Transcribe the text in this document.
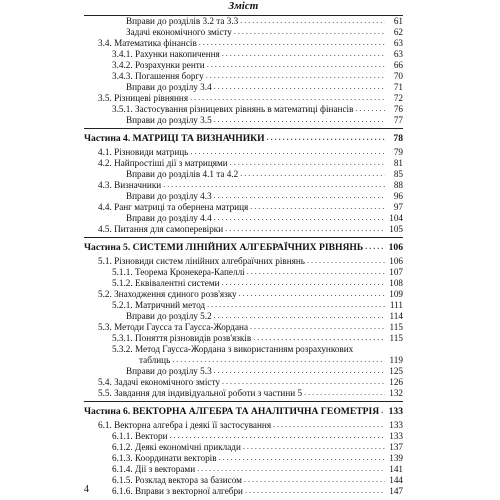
Зміст
Вправи до розділів 3.2 та 3.3 . . .	61
Задачі економічного змісту . . .	62
3.4. Математика фінансів . . .	63
3.4.1. Рахунки накопичення . . .	63
3.4.2. Розрахунки ренти . . .	66
3.4.3. Погашення боргу . . .	70
Вправи до розділу 3.4 . . .	71
3.5. Різницеві рівняння . . .	72
3.5.1. Застосування різницевих рівнянь в математиці фінансів . . .	76
Вправи до розділу 3.5 . . .	77
Частина 4. МАТРИЦІ ТА ВИЗНАЧНИКИ . . .	78
4.1. Різновиди матриць . . .	79
4.2. Найпростіші дії з матрицями . . .	81
Вправи до розділів 4.1 та 4.2 . . .	85
4.3. Визначники . . .	88
Вправи до розділу 4.3 . . .	96
4.4. Ранг матриці та обернена матриця . . .	97
Вправи до розділу 4.4 . . .	104
4.5. Питання для самоперевірки . . .	105
Частина 5. СИСТЕМИ ЛІНІЙНИХ АЛГЕБРАЇЧНИХ РІВНЯНЬ . . .	106
5.1. Різновиди систем лінійних алгебраїчних рівнянь . . .	106
5.1.1. Теорема Кронекера-Капеллі . . .	107
5.1.2. Еквівалентні системи . . .	108
5.2. Знаходження єдиного розв'язку . . .	109
5.2.1. Матричний метод . . .	111
Вправи до розділу 5.2 . . .	114
5.3. Методи Гаусса та Гаусса-Жордана . . .	115
5.3.1. Поняття різновидів розв'язків . . .	115
5.3.2. Метод Гаусса-Жордана з використанням розрахункових
таблиць . . .	119
Вправи до розділу 5.3 . . .	125
5.4. Задачі економічного змісту . . .	126
5.5. Завдання для індивідуальної роботи з частини 5 . . .	132
Частина 6. ВЕКТОРНА АЛГЕБРА ТА АНАЛІТИЧНА ГЕОМЕТРІЯ . . . 133
6.1. Векторна алгебра і деякі її застосування . . .	133
6.1.1. Вектори . . .	133
6.1.2. Деякі економічні приклади . . .	137
6.1.3. Координати векторів . . .	139
6.1.4. Дії з векторами . . .	141
6.1.5. Розклад вектора за базисом . . .	144
6.1.6. Вправи з векторної алгебри . . .	147
4
